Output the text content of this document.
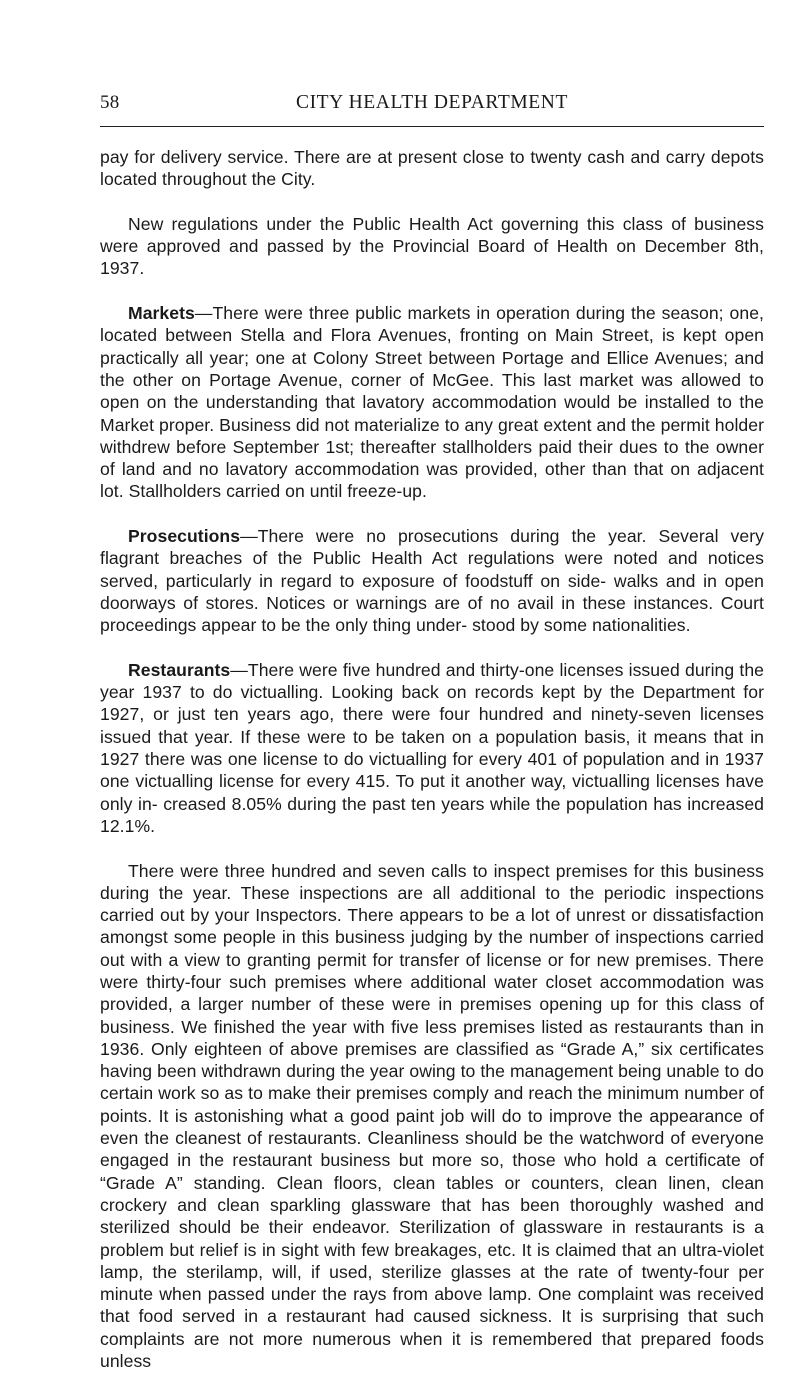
58	CITY HEALTH DEPARTMENT

pay for delivery service. There are at present close to twenty cash and carry depots located throughout the City.

New regulations under the Public Health Act governing this class of business were approved and passed by the Provincial Board of Health on December 8th, 1937.

Markets—There were three public markets in operation during the season; one, located between Stella and Flora Avenues, fronting on Main Street, is kept open practically all year; one at Colony Street between Portage and Ellice Avenues; and the other on Portage Avenue, corner of McGee. This last market was allowed to open on the understanding that lavatory accommodation would be installed to the Market proper. Business did not materialize to any great extent and the permit holder withdrew before September 1st; thereafter stallholders paid their dues to the owner of land and no lavatory accommodation was provided, other than that on adjacent lot. Stallholders carried on until freeze-up.

Prosecutions—There were no prosecutions during the year. Several very flagrant breaches of the Public Health Act regulations were noted and notices served, particularly in regard to exposure of foodstuff on side- walks and in open doorways of stores. Notices or warnings are of no avail in these instances. Court proceedings appear to be the only thing under- stood by some nationalities.

Restaurants—There were five hundred and thirty-one licenses issued during the year 1937 to do victualling. Looking back on records kept by the Department for 1927, or just ten years ago, there were four hundred and ninety-seven licenses issued that year. If these were to be taken on a population basis, it means that in 1927 there was one license to do victualling for every 401 of population and in 1937 one victualling license for every 415. To put it another way, victualling licenses have only in- creased 8.05% during the past ten years while the population has increased 12.1%.

There were three hundred and seven calls to inspect premises for this business during the year. These inspections are all additional to the periodic inspections carried out by your Inspectors. There appears to be a lot of unrest or dissatisfaction amongst some people in this business judging by the number of inspections carried out with a view to granting permit for transfer of license or for new premises. There were thirty-four such premises where additional water closet accommodation was provided, a larger number of these were in premises opening up for this class of business. We finished the year with five less premises listed as restaurants than in 1936. Only eighteen of above premises are classified as “Grade A,” six certificates having been withdrawn during the year owing to the management being unable to do certain work so as to make their premises comply and reach the minimum number of points. It is astonishing what a good paint job will do to improve the appearance of even the cleanest of restaurants. Cleanliness should be the watchword of everyone engaged in the restaurant business but more so, those who hold a certificate of “Grade A” standing. Clean floors, clean tables or counters, clean linen, clean crockery and clean sparkling glassware that has been thoroughly washed and sterilized should be their endeavor. Sterilization of glassware in restaurants is a problem but relief is in sight with few breakages, etc. It is claimed that an ultra-violet lamp, the sterilamp, will, if used, sterilize glasses at the rate of twenty-four per minute when passed under the rays from above lamp. One complaint was received that food served in a restaurant had caused sickness. It is surprising that such complaints are not more numerous when it is remembered that prepared foods unless
